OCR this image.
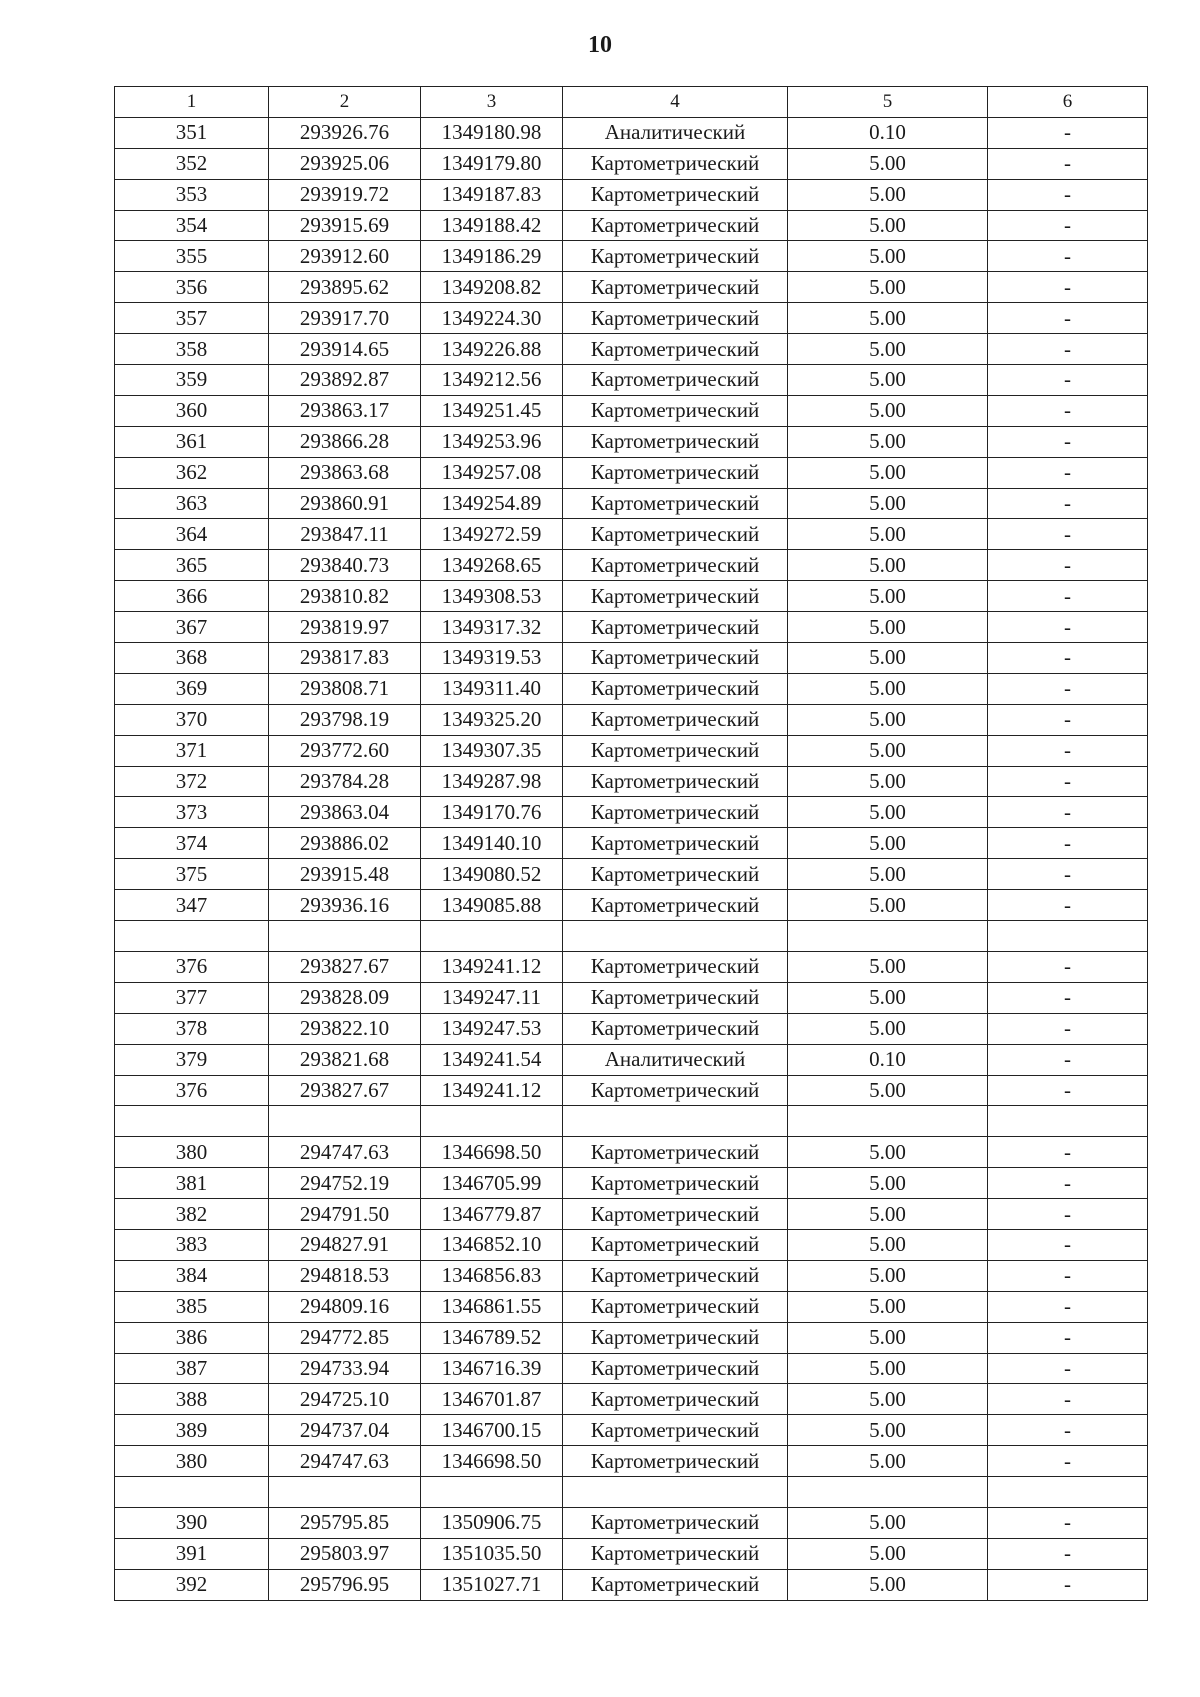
10
1	2	3	4	5	6
351	293926.76	1349180.98	Аналитический	0.10	-
352	293925.06	1349179.80	Картометрический	5.00	-
353	293919.72	1349187.83	Картометрический	5.00	-
354	293915.69	1349188.42	Картометрический	5.00	-
355	293912.60	1349186.29	Картометрический	5.00	-
356	293895.62	1349208.82	Картометрический	5.00	-
357	293917.70	1349224.30	Картометрический	5.00	-
358	293914.65	1349226.88	Картометрический	5.00	-
359	293892.87	1349212.56	Картометрический	5.00	-
360	293863.17	1349251.45	Картометрический	5.00	-
361	293866.28	1349253.96	Картометрический	5.00	-
362	293863.68	1349257.08	Картометрический	5.00	-
363	293860.91	1349254.89	Картометрический	5.00	-
364	293847.11	1349272.59	Картометрический	5.00	-
365	293840.73	1349268.65	Картометрический	5.00	-
366	293810.82	1349308.53	Картометрический	5.00	-
367	293819.97	1349317.32	Картометрический	5.00	-
368	293817.83	1349319.53	Картометрический	5.00	-
369	293808.71	1349311.40	Картометрический	5.00	-
370	293798.19	1349325.20	Картометрический	5.00	-
371	293772.60	1349307.35	Картометрический	5.00	-
372	293784.28	1349287.98	Картометрический	5.00	-
373	293863.04	1349170.76	Картометрический	5.00	-
374	293886.02	1349140.10	Картометрический	5.00	-
375	293915.48	1349080.52	Картометрический	5.00	-
347	293936.16	1349085.88	Картометрический	5.00	-

376	293827.67	1349241.12	Картометрический	5.00	-
377	293828.09	1349247.11	Картометрический	5.00	-
378	293822.10	1349247.53	Картометрический	5.00	-
379	293821.68	1349241.54	Аналитический	0.10	-
376	293827.67	1349241.12	Картометрический	5.00	-

380	294747.63	1346698.50	Картометрический	5.00	-
381	294752.19	1346705.99	Картометрический	5.00	-
382	294791.50	1346779.87	Картометрический	5.00	-
383	294827.91	1346852.10	Картометрический	5.00	-
384	294818.53	1346856.83	Картометрический	5.00	-
385	294809.16	1346861.55	Картометрический	5.00	-
386	294772.85	1346789.52	Картометрический	5.00	-
387	294733.94	1346716.39	Картометрический	5.00	-
388	294725.10	1346701.87	Картометрический	5.00	-
389	294737.04	1346700.15	Картометрический	5.00	-
380	294747.63	1346698.50	Картометрический	5.00	-

390	295795.85	1350906.75	Картометрический	5.00	-
391	295803.97	1351035.50	Картометрический	5.00	-
392	295796.95	1351027.71	Картометрический	5.00	-
